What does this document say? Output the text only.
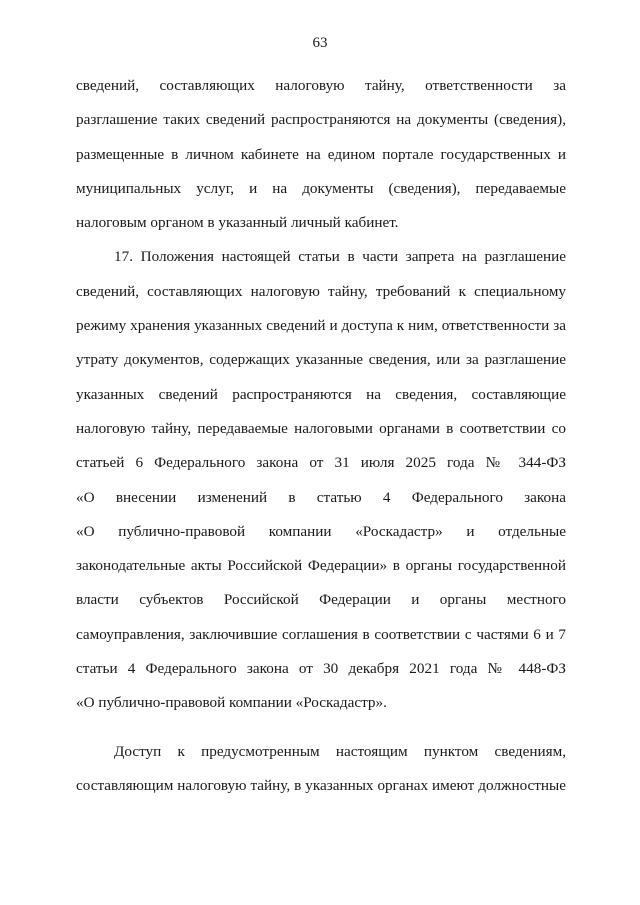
63
сведений, составляющих налоговую тайну, ответственности за
разглашение таких сведений распространяются на документы (сведения),
размещенные в личном кабинете на едином портале государственных и
муниципальных услуг, и на документы (сведения), передаваемые
налоговым органом в указанный личный кабинет.
17. Положения настоящей статьи в части запрета на разглашение
сведений, составляющих налоговую тайну, требований к специальному
режиму хранения указанных сведений и доступа к ним, ответственности за
утрату документов, содержащих указанные сведения, или за разглашение
указанных сведений распространяются на сведения, составляющие
налоговую тайну, передаваемые налоговыми органами в соответствии со
статьей 6 Федерального закона от 31 июля 2025 года № 344-ФЗ
«О внесении изменений в статью 4 Федерального закона
«О публично-правовой компании «Роскадастр» и отдельные
законодательные акты Российской Федерации» в органы государственной
власти субъектов Российской Федерации и органы местного
самоуправления, заключившие соглашения в соответствии с частями 6 и 7
статьи 4 Федерального закона от 30 декабря 2021 года № 448-ФЗ
«О публично-правовой компании «Роскадастр».
Доступ к предусмотренным настоящим пунктом сведениям,
составляющим налоговую тайну, в указанных органах имеют должностные
